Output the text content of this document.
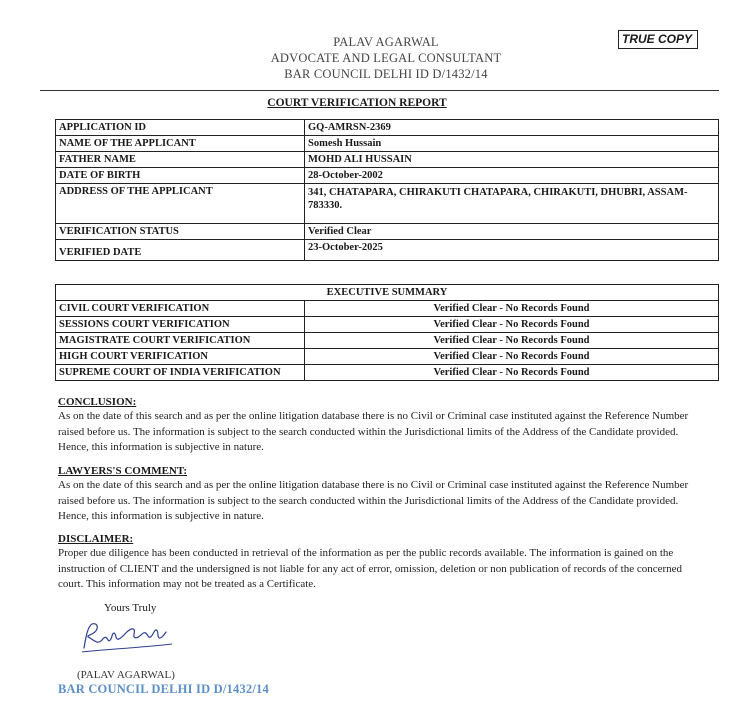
PALAV AGARWAL
ADVOCATE AND LEGAL CONSULTANT
BAR COUNCIL DELHI ID D/1432/14
TRUE COPY
COURT VERIFICATION REPORT
APPLICATION ID	GQ-AMRSN-2369
NAME OF THE APPLICANT	Somesh Hussain
FATHER NAME	MOHD ALI HUSSAIN
DATE OF BIRTH	28-October-2002
ADDRESS OF THE APPLICANT	341, CHATAPARA, CHIRAKUTI CHATAPARA, CHIRAKUTI, DHUBRI, ASSAM-783330.
VERIFICATION STATUS	Verified Clear
VERIFIED DATE	23-October-2025
EXECUTIVE SUMMARY	
CIVIL COURT VERIFICATION	Verified Clear - No Records Found
SESSIONS COURT VERIFICATION	Verified Clear - No Records Found
MAGISTRATE COURT VERIFICATION	Verified Clear - No Records Found
HIGH COURT VERIFICATION	Verified Clear - No Records Found
SUPREME COURT OF INDIA VERIFICATION	Verified Clear - No Records Found
CONCLUSION:
As on the date of this search and as per the online litigation database there is no Civil or Criminal case instituted against the Reference Number raised before us. The information is subject to the search conducted within the Jurisdictional limits of the Address of the Candidate provided. Hence, this information is subjective in nature.
LAWYERS'S COMMENT:
As on the date of this search and as per the online litigation database there is no Civil or Criminal case instituted against the Reference Number raised before us. The information is subject to the search conducted within the Jurisdictional limits of the Address of the Candidate provided. Hence, this information is subjective in nature.
DISCLAIMER:
Proper due diligence has been conducted in retrieval of the information as per the public records available. The information is gained on the instruction of CLIENT and the undersigned is not liable for any act of error, omission, deletion or non publication of records of the concerned court. This information may not be treated as a Certificate.
Yours Truly
(PALAV AGARWAL)
BAR COUNCIL DELHI ID D/1432/14
